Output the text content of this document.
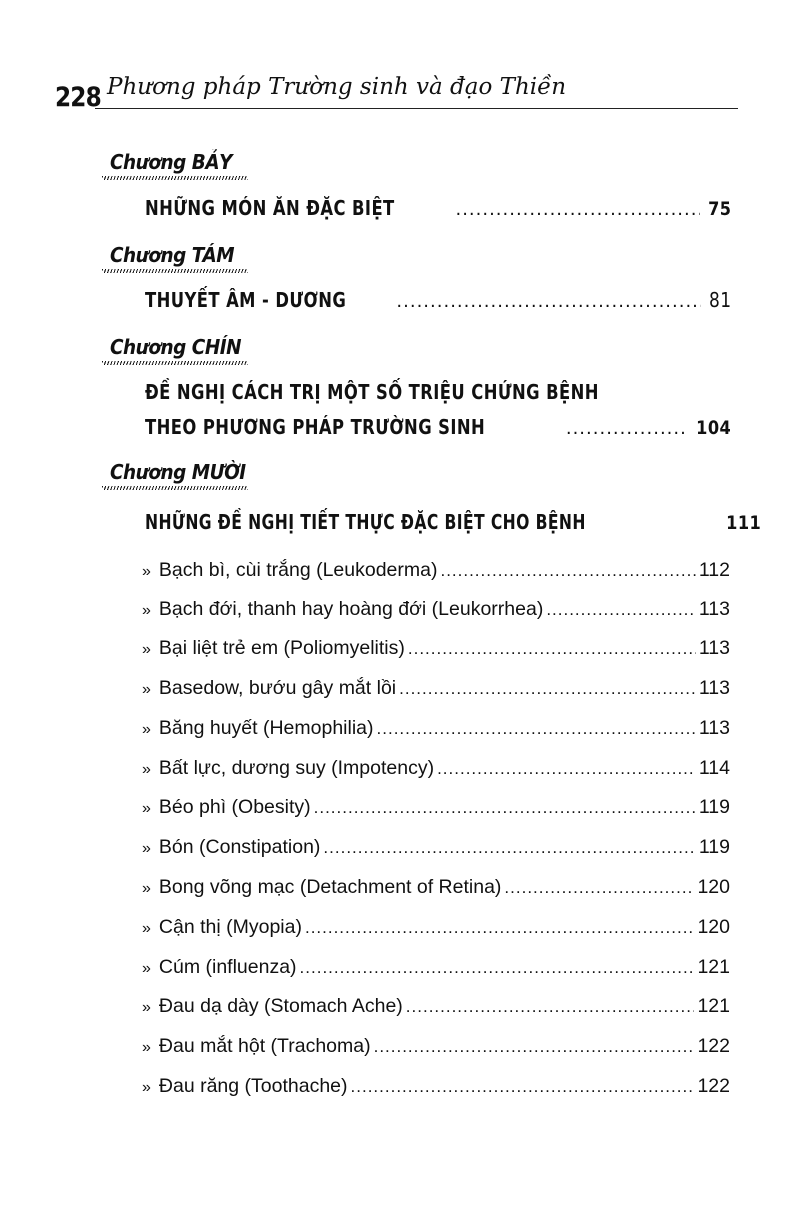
228 Phương pháp Trường sinh và đạo Thiền
Chương BẢY
NHỮNG MÓN ĂN ĐẶC BIỆT .....	75
Chương TÁM
THUYẾT ÂM - DƯƠNG .....	81
Chương CHÍN
ĐỀ NGHỊ CÁCH TRỊ MỘT SỐ TRIỆU CHỨNG BỆNH
THEO PHƯƠNG PHÁP TRƯỜNG SINH .....	104
Chương MƯỜI
NHỮNG ĐỀ NGHỊ TIẾT THỰC ĐẶC BIỆT CHO BỆNH	111
» Bạch bì, cùi trắng (Leukoderma) .....	112
» Bạch đới, thanh hay hoàng đới (Leukorrhea) .....	113
» Bại liệt trẻ em (Poliomyelitis) .....	113
» Basedow, bướu gây mắt lồi .....	113
» Băng huyết (Hemophilia) .....	113
» Bất lực, dương suy (Impotency) .....	114
» Béo phì (Obesity) .....	119
» Bón (Constipation) .....	119
» Bong võng mạc (Detachment of Retina) .....	120
» Cận thị (Myopia) .....	120
» Cúm (influenza) .....	121
» Đau dạ dày (Stomach Ache) .....	121
» Đau mắt hột (Trachoma) .....	122
» Đau răng (Toothache) .....	122
